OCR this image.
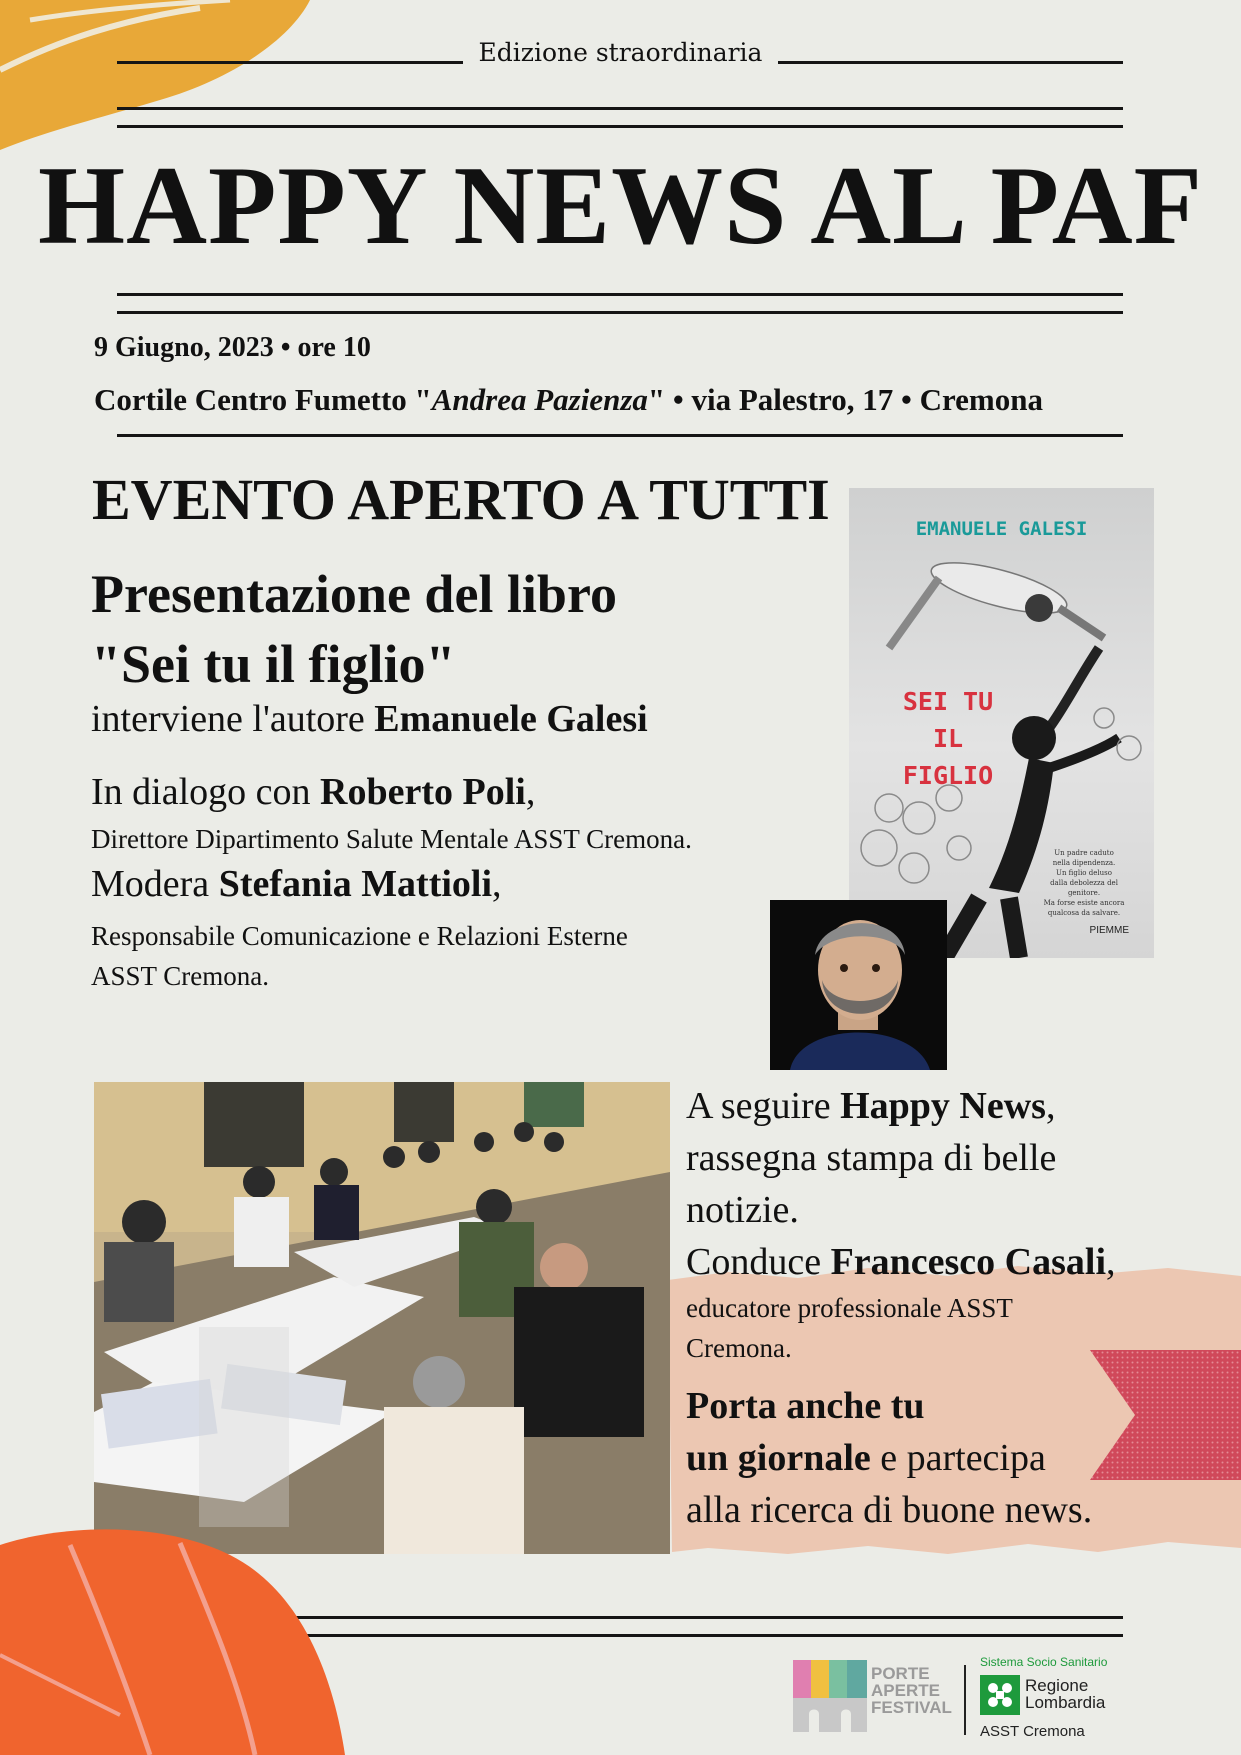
Edizione straordinaria
HAPPY NEWS AL PAF
9 Giugno, 2023 • ore 10
Cortile Centro Fumetto "Andrea Pazienza" • via Palestro, 17 • Cremona
EVENTO APERTO A TUTTI
Presentazione del libro
"Sei tu il figlio"
interviene l'autore Emanuele Galesi
In dialogo con Roberto Poli,
Direttore Dipartimento Salute Mentale ASST Cremona.
Modera Stefania Mattioli,
Responsabile Comunicazione e Relazioni Esterne
ASST Cremona.
EMANUELE GALESI
SEI TU
IL FIGLIO
Un padre caduto
nella dipendenza.
Un figlio deluso
dalla debolezza del genitore.
Ma forse esiste ancora
qualcosa da salvare.
PIEMME
A seguire Happy News,
rassegna stampa di belle
notizie.
Conduce Francesco Casali,
educatore professionale ASST
Cremona.
Porta anche tu
un giornale e partecipa
alla ricerca di buone news.
PORTE
APERTE
FESTIVAL
Sistema Socio Sanitario
Regione
Lombardia
ASST Cremona
